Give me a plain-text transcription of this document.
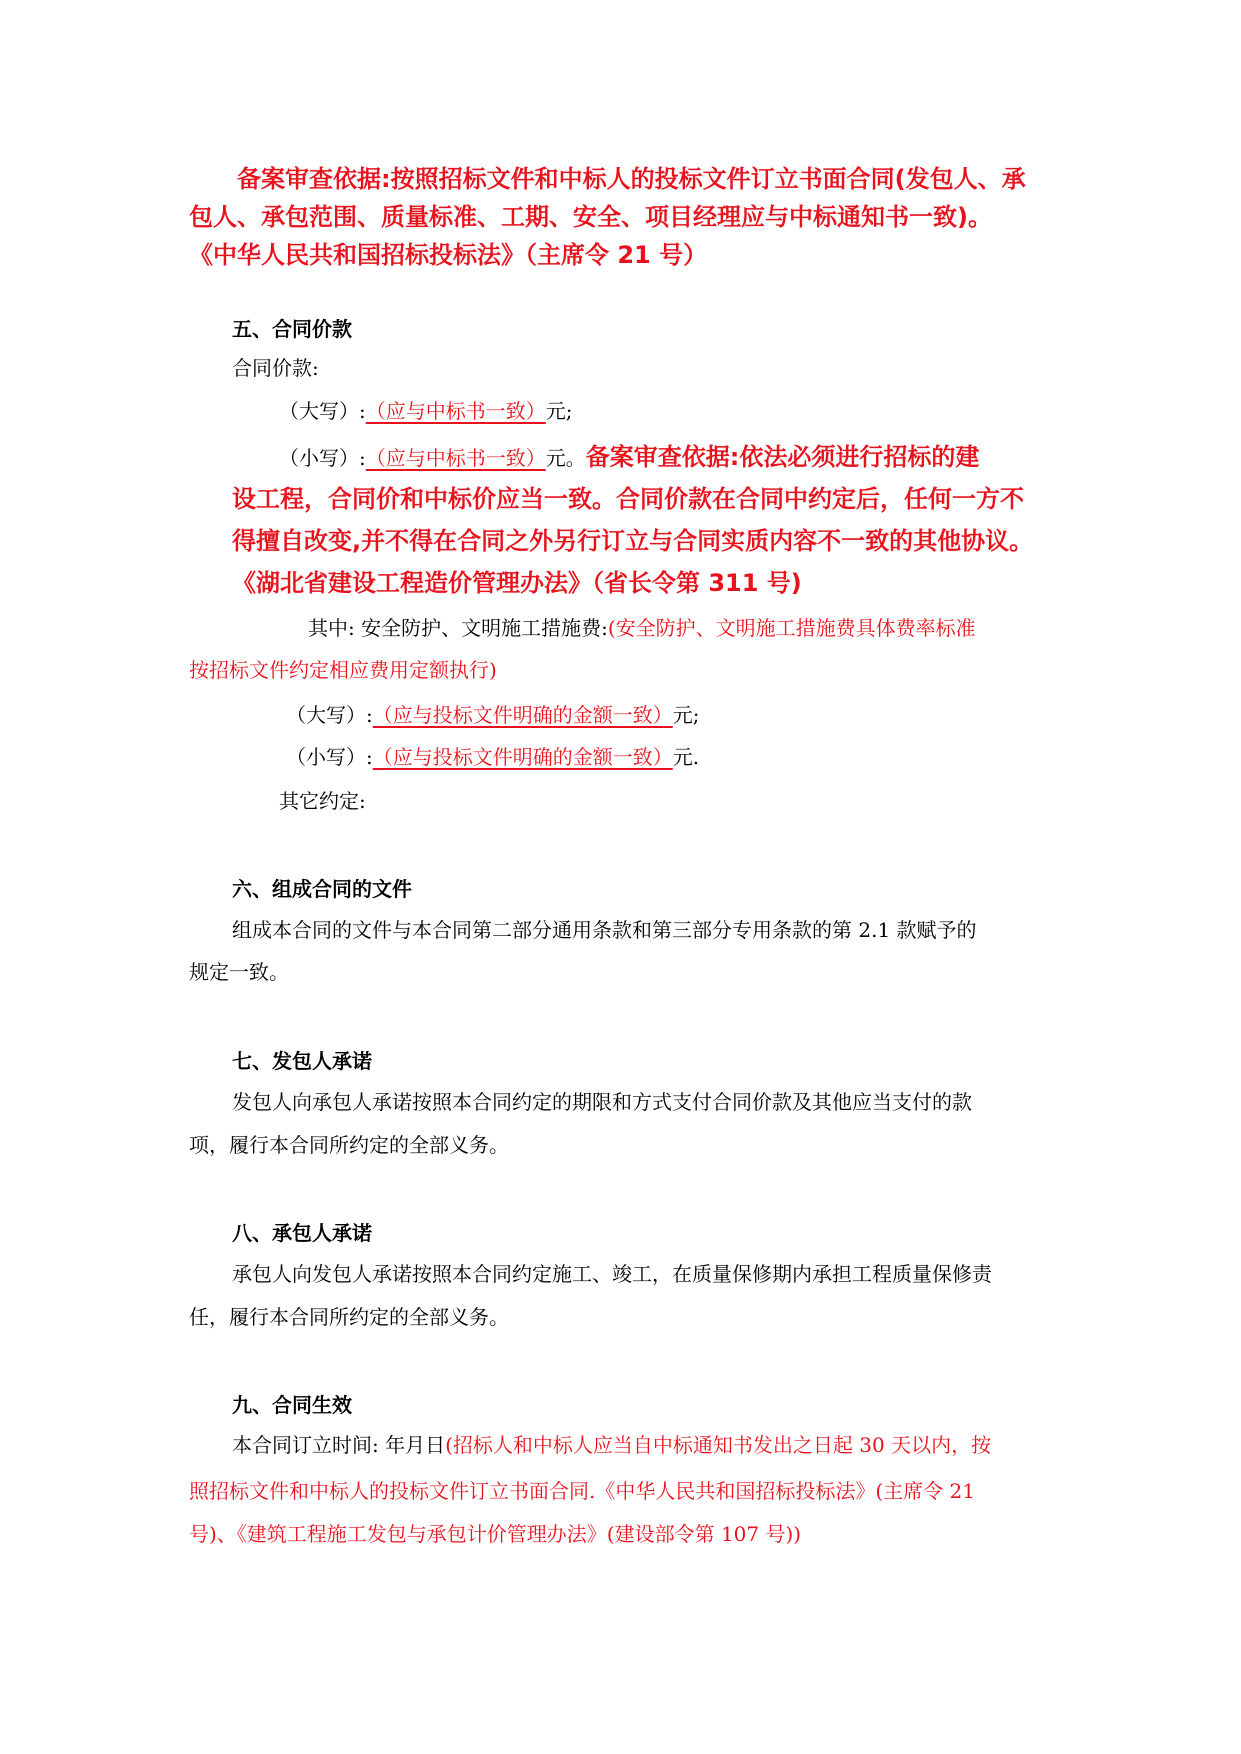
备案审查依据:按照招标文件和中标人的投标文件订立书面合同(发包人、承
包人、承包范围、质量标准、工期、安全、项目经理应与中标通知书一致)。
《中华人民共和国招标投标法》（主席令 21 号）
五、合同价款
合同价款:
（大写）:（应与中标书一致）元;
（小写）:（应与中标书一致）元。备案审查依据:依法必须进行招标的建
设工程，合同价和中标价应当一致。合同价款在合同中约定后，任何一方不
得擅自改变,并不得在合同之外另行订立与合同实质内容不一致的其他协议。
《湖北省建设工程造价管理办法》（省长令第 311 号)
其中: 安全防护、文明施工措施费:(安全防护、文明施工措施费具体费率标准
按招标文件约定相应费用定额执行)
（大写）:（应与投标文件明确的金额一致）元;
（小写）:（应与投标文件明确的金额一致）元.
其它约定:
六、组成合同的文件
组成本合同的文件与本合同第二部分通用条款和第三部分专用条款的第 2.1 款赋予的
规定一致。
七、发包人承诺
发包人向承包人承诺按照本合同约定的期限和方式支付合同价款及其他应当支付的款
项，履行本合同所约定的全部义务。
八、承包人承诺
承包人向发包人承诺按照本合同约定施工、竣工，在质量保修期内承担工程质量保修责
任，履行本合同所约定的全部义务。
九、合同生效
本合同订立时间: 年月日(招标人和中标人应当自中标通知书发出之日起 30 天以内，按
照招标文件和中标人的投标文件订立书面合同.《中华人民共和国招标投标法》(主席令 21
号)、《建筑工程施工发包与承包计价管理办法》(建设部令第 107 号))
